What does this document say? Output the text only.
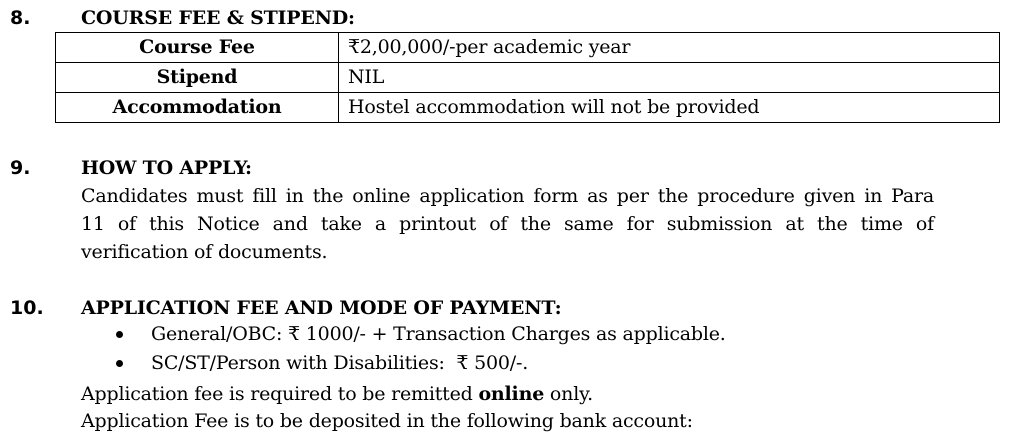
8.	COURSE FEE & STIPEND:
Course Fee	₹2,00,000/-per academic year
Stipend	NIL
Accommodation	Hostel accommodation will not be provided
9.	HOW TO APPLY:
Candidates must fill in the online application form as per the procedure given in Para
11 of this Notice and take a printout of the same for submission at the time of
verification of documents.
10. APPLICATION FEE AND MODE OF PAYMENT:
General/OBC: ₹ 1000/- + Transaction Charges as applicable.
SC/ST/Person with Disabilities:  ₹ 500/-.
Application fee is required to be remitted online only.
Application Fee is to be deposited in the following bank account:
